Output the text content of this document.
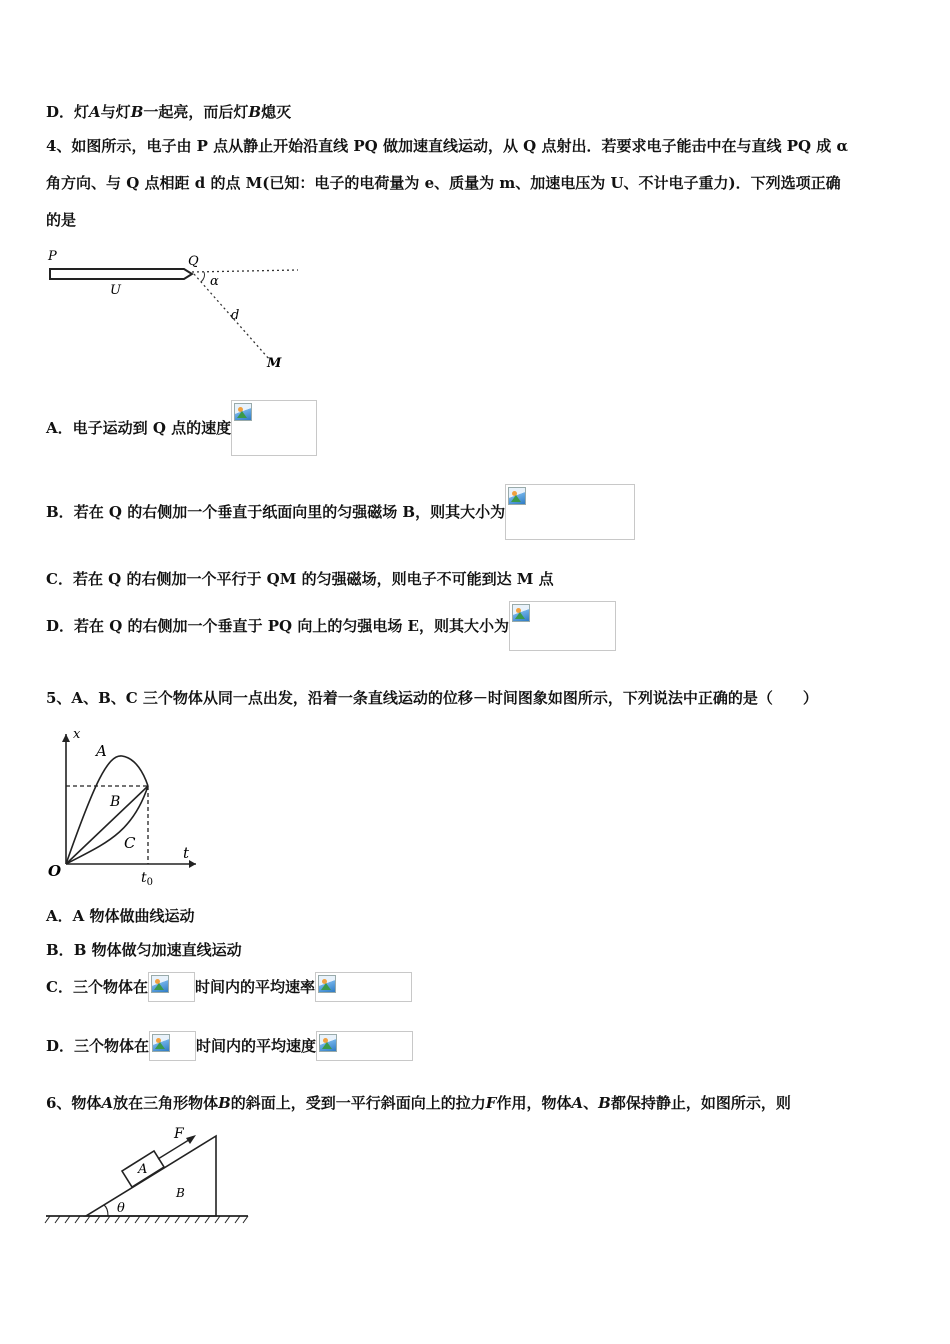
D．灯A与灯B一起亮，而后灯B熄灭
4、如图所示，电子由 P 点从静止开始沿直线 PQ 做加速直线运动，从 Q 点射出．若要求电子能击中在与直线 PQ 成 α
角方向、与 Q 点相距 d 的点 M(已知：电子的电荷量为 e、质量为 m、加速电压为 U、不计电子重力)．下列选项正确
的是
P	Q
U
α
d
M
A．电子运动到 Q 点的速度
B．若在 Q 的右侧加一个垂直于纸面向里的匀强磁场 B，则其大小为
C．若在 Q 的右侧加一个平行于 QM 的匀强磁场，则电子不可能到达 M 点
D．若在 Q 的右侧加一个垂直于 PQ 向上的匀强电场 E，则其大小为
5、A、B、C 三个物体从同一点出发，沿着一条直线运动的位移－时间图象如图所示，下列说法中正确的是（　　）
x
A
B
C
t
O	$t_0$
A．A 物体做曲线运动
B．B 物体做匀加速直线运动
C．三个物体在	时间内的平均速率
D．三个物体在	时间内的平均速度
6、物体A放在三角形物体B的斜面上，受到一平行斜面向上的拉力F作用，物体A、B都保持静止，如图所示，则
F
A
B
θ
